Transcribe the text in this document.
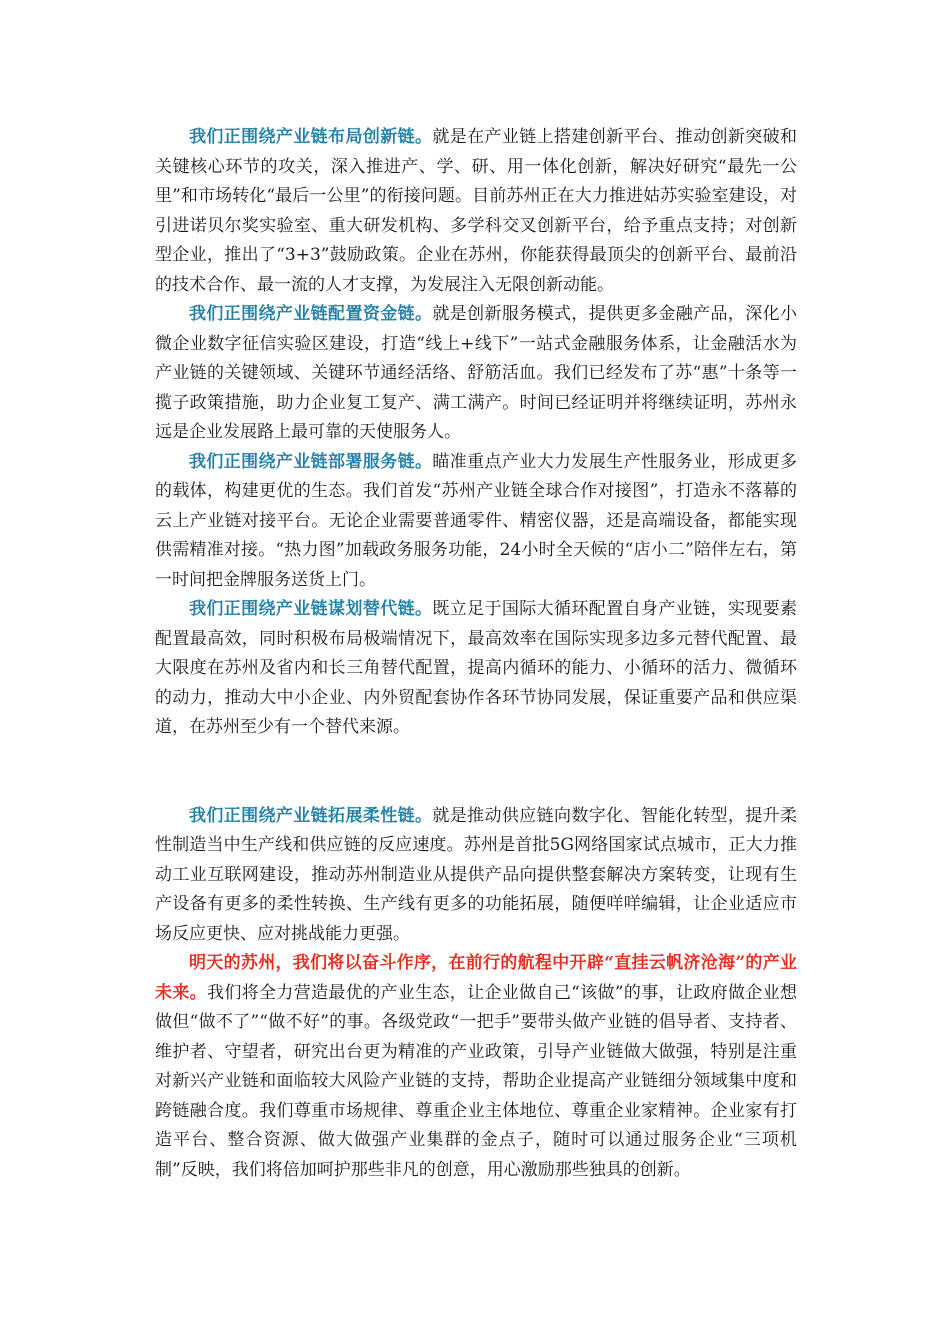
我们正围绕产业链布局创新链。就是在产业链上搭建创新平台、推动创新突破和关键核心环节的攻关，深入推进产、学、研、用一体化创新，解决好研究“最先一公里”和市场转化“最后一公里”的衔接问题。目前苏州正在大力推进姑苏实验室建设，对引进诺贝尔奖实验室、重大研发机构、多学科交叉创新平台，给予重点支持；对创新型企业，推出了“3+3”鼓励政策。企业在苏州，你能获得最顶尖的创新平台、最前沿的技术合作、最一流的人才支撑，为发展注入无限创新动能。

我们正围绕产业链配置资金链。就是创新服务模式，提供更多金融产品，深化小微企业数字征信实验区建设，打造“线上+线下”一站式金融服务体系，让金融活水为产业链的关键领域、关键环节通经活络、舒筋活血。我们已经发布了苏“惠”十条等一揽子政策措施，助力企业复工复产、满工满产。时间已经证明并将继续证明，苏州永远是企业发展路上最可靠的天使服务人。

我们正围绕产业链部署服务链。瞄准重点产业大力发展生产性服务业，形成更多的载体，构建更优的生态。我们首发“苏州产业链全球合作对接图”，打造永不落幕的云上产业链对接平台。无论企业需要普通零件、精密仪器，还是高端设备，都能实现供需精准对接。“热力图”加载政务服务功能，24小时全天候的“店小二”陪伴左右，第一时间把金牌服务送货上门。

我们正围绕产业链谋划替代链。既立足于国际大循环配置自身产业链，实现要素配置最高效，同时积极布局极端情况下，最高效率在国际实现多边多元替代配置、最大限度在苏州及省内和长三角替代配置，提高内循环的能力、小循环的活力、微循环的动力，推动大中小企业、内外贸配套协作各环节协同发展，保证重要产品和供应渠道，在苏州至少有一个替代来源。

我们正围绕产业链拓展柔性链。就是推动供应链向数字化、智能化转型，提升柔性制造当中生产线和供应链的反应速度。苏州是首批5G网络国家试点城市，正大力推动工业互联网建设，推动苏州制造业从提供产品向提供整套解决方案转变，让现有生产设备有更多的柔性转换、生产线有更多的功能拓展，随便咩咩编辑，让企业适应市场反应更快、应对挑战能力更强。

明天的苏州，我们将以奋斗作序，在前行的航程中开辟“直挂云帆济沧海”的产业未来。我们将全力营造最优的产业生态，让企业做自己“该做”的事，让政府做企业想做但“做不了”“做不好”的事。各级党政“一把手”要带头做产业链的倡导者、支持者、维护者、守望者，研究出台更为精准的产业政策，引导产业链做大做强，特别是注重对新兴产业链和面临较大风险产业链的支持，帮助企业提高产业链细分领域集中度和跨链融合度。我们尊重市场规律、尊重企业主体地位、尊重企业家精神。企业家有打造平台、整合资源、做大做强产业集群的金点子，随时可以通过服务企业“三项机制”反映，我们将倍加呵护那些非凡的创意，用心激励那些独具的创新。
